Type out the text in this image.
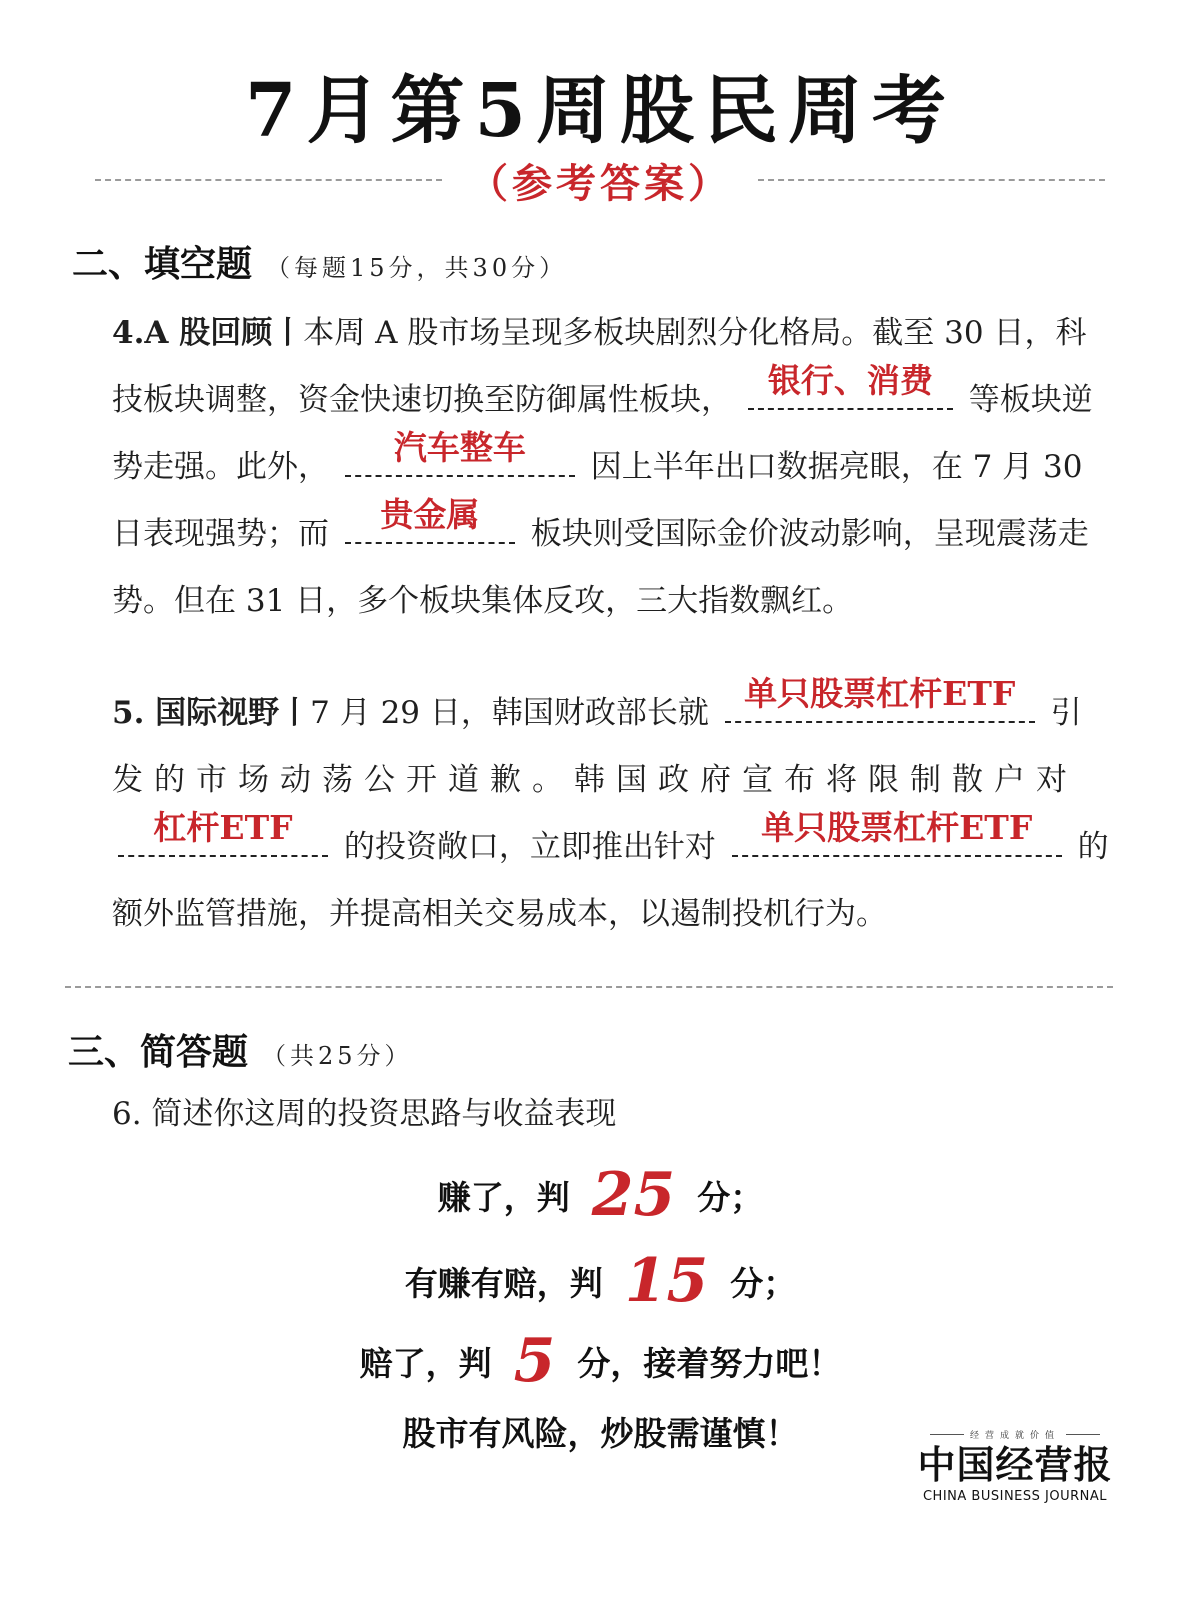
7月第5周股民周考
（参考答案）
二、填空题 （每题15分，共30分）
4.A 股回顾丨本周 A 股市场呈现多板块剧烈分化格局。截至 30 日，科技板块调整，资金快速切换至防御属性板块，	银行、消费	等板块逆势走强。此外，	汽车整车	因上半年出口数据亮眼，在 7 月 30 日表现强势；而	贵金属	板块则受国际金价波动影响，呈现震荡走势。但在 31 日，多个板块集体反攻，三大指数飘红。
5. 国际视野丨7 月 29 日，韩国财政部长就	单只股票杠杆ETF	引发的市场动荡公开道歉。韩国政府宣布将限制散户对
杠杆ETF	的投资敞口，立即推出针对	单只股票杠杆ETF	的额外监管措施，并提高相关交易成本，以遏制投机行为。
三、简答题 （共25分）
6. 简述你这周的投资思路与收益表现
赚了，判 25 分；
有赚有赔，判 15 分；
赔了，判 5 分，接着努力吧！
股市有风险，炒股需谨慎！	经营成就价值
中国经营报
CHINA BUSINESS JOURNAL
